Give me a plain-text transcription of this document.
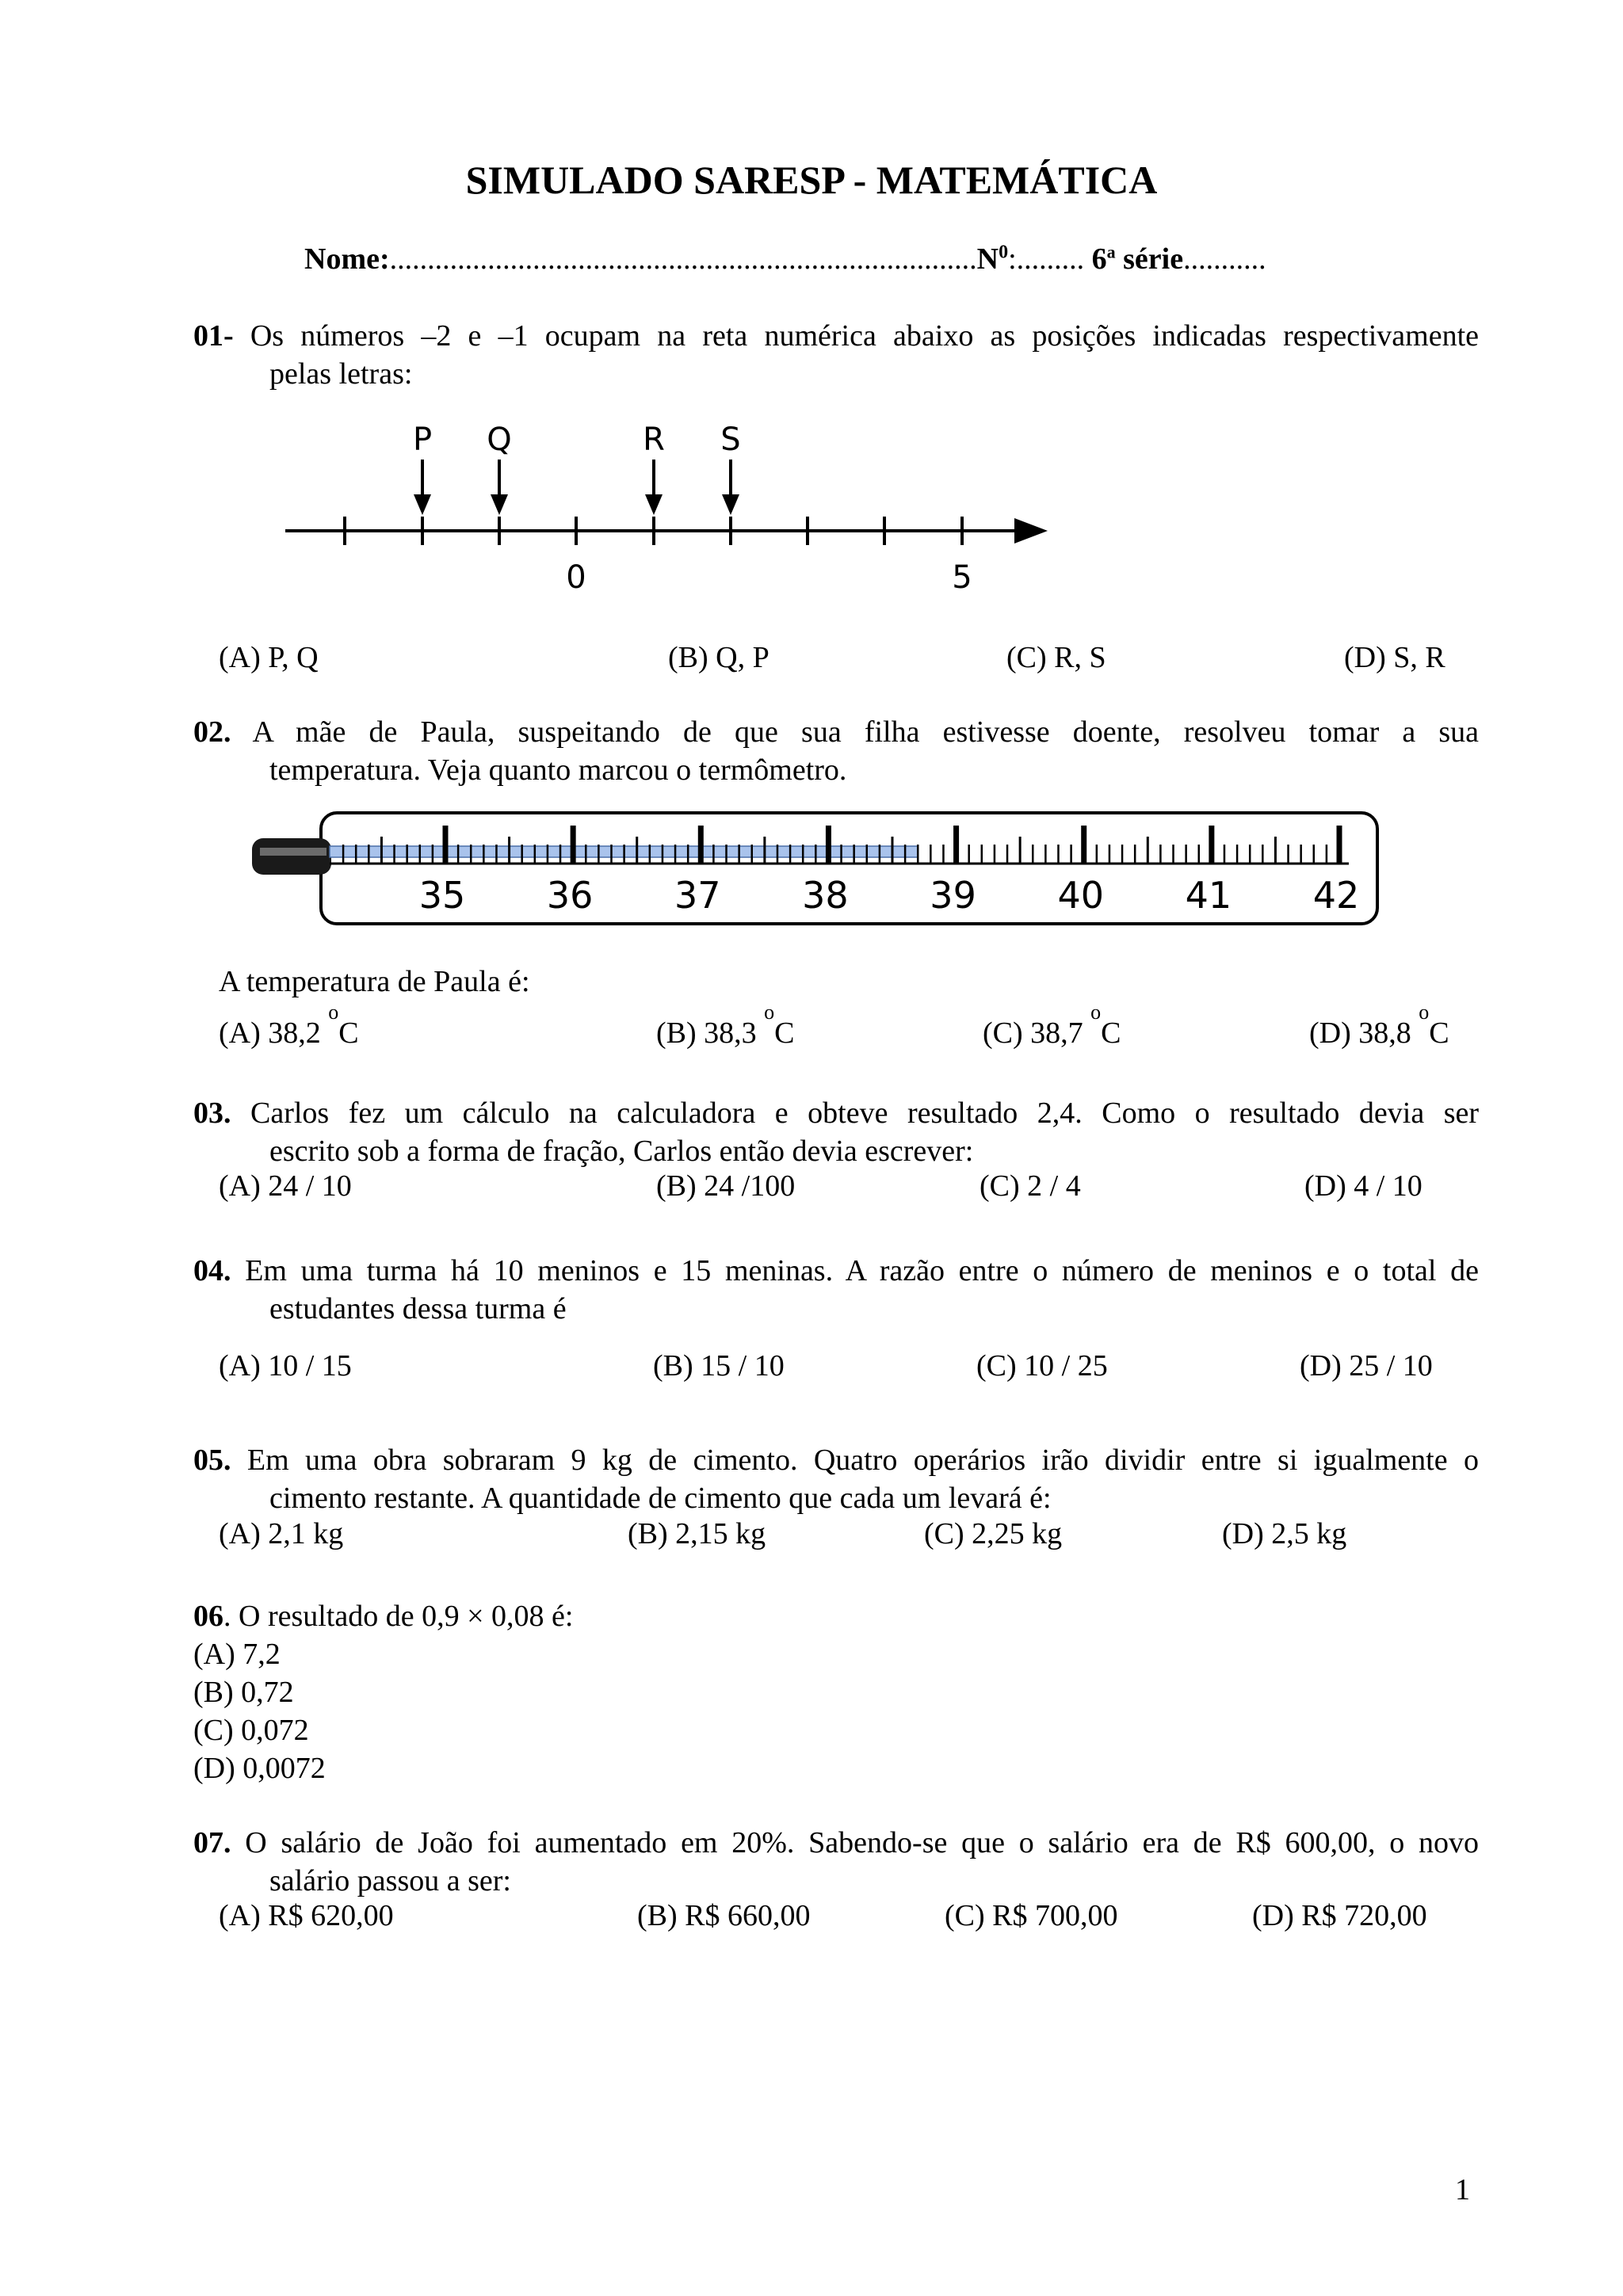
SIMULADO SARESP - MATEMÁTICA
$Nome:..............................................................................N^0$:......... 6$^a$ série...........
01- Os números –2 e –1 ocupam na reta numérica abaixo as posições indicadas respectivamente
pelas letras:
P Q	R S
0	5
(A) P, Q	(B) Q, P	(C) R, S	(D) S, R
02. A mãe de Paula, suspeitando de que sua filha estivesse doente, resolveu tomar a sua
temperatura. Veja quanto marcou o termômetro.
35 36 37 38 39 40 41 42
A temperatura de Paula é:
(A) 38,2 $^o$C	(B) 38,3 $^o$C	(C) 38,7 $^o$C	(D) 38,8 $^o$C
03. Carlos fez um cálculo na calculadora e obteve resultado 2,4. Como o resultado devia ser
escrito sob a forma de fração, Carlos então devia escrever:
(A) 24 / 10	(B) 24 /100	(C) 2 / 4	(D) 4 / 10
04. Em uma turma há 10 meninos e 15 meninas. A razão entre o número de meninos e o total de
estudantes dessa turma é
(A) 10 / 15	(B) 15 / 10	(C) 10 / 25	(D) 25 / 10
05. Em uma obra sobraram 9 kg de cimento. Quatro operários irão dividir entre si igualmente o
cimento restante. A quantidade de cimento que cada um levará é:
(A) 2,1 kg	(B) 2,15 kg	(C) 2,25 kg	(D) 2,5 kg
06. O resultado de 0,9 × 0,08 é:
(A) 7,2
(B) 0,72
(C) 0,072
(D) 0,0072
07. O salário de João foi aumentado em 20%. Sabendo-se que o salário era de R$ 600,00, o novo
salário passou a ser:
(A) R$ 620,00	(B) R$ 660,00	(C) R$ 700,00	(D) R$ 720,00
1
